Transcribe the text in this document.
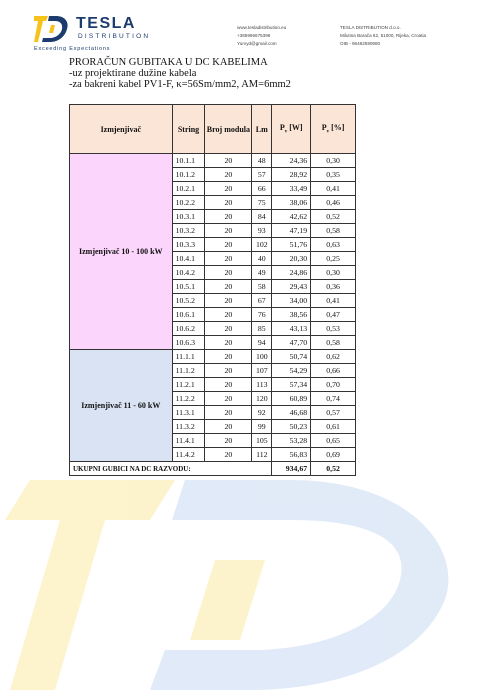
TESLA
DISTRIBUTION
Exceeding Expectations
www.tesladistribution.eu
+385996675396
Yurvyd@gmail.com
TESLA DISTRIBUTION d.o.o.
Milutina Barača 62, 51000, Rijeka, Croatia
OIB - 96482590980
PRORAČUN GUBITAKA U DC KABELIMA
-uz projektirane dužine kabela
-za bakreni kabel PV1-F, κ=56Sm/mm2, AM=6mm2
Izmjenjivač	String	Broj modula	Lm	$P_v$ [W]	$P_v$ [%]
Izmjenjivač 10 - 100 kW	10.1.1	20	48	24,36	0,30
	10.1.2	20	57	28,92	0,35
	10.2.1	20	66	33,49	0,41
	10.2.2	20	75	38,06	0,46
	10.3.1	20	84	42,62	0,52
	10.3.2	20	93	47,19	0,58
	10.3.3	20	102	51,76	0,63
	10.4.1	20	40	20,30	0,25
	10.4.2	20	49	24,86	0,30
	10.5.1	20	58	29,43	0,36
	10.5.2	20	67	34,00	0,41
	10.6.1	20	76	38,56	0,47
	10.6.2	20	85	43,13	0,53
	10.6.3	20	94	47,70	0,58
Izmjenjivač 11 - 60 kW	11.1.1	20	100	50,74	0,62
	11.1.2	20	107	54,29	0,66
	11.2.1	20	113	57,34	0,70
	11.2.2	20	120	60,89	0,74
	11.3.1	20	92	46,68	0,57
	11.3.2	20	99	50,23	0,61
	11.4.1	20	105	53,28	0,65
	11.4.2	20	112	56,83	0,69
UKUPNI GUBICI NA DC RAZVODU:				934,67	0,52
